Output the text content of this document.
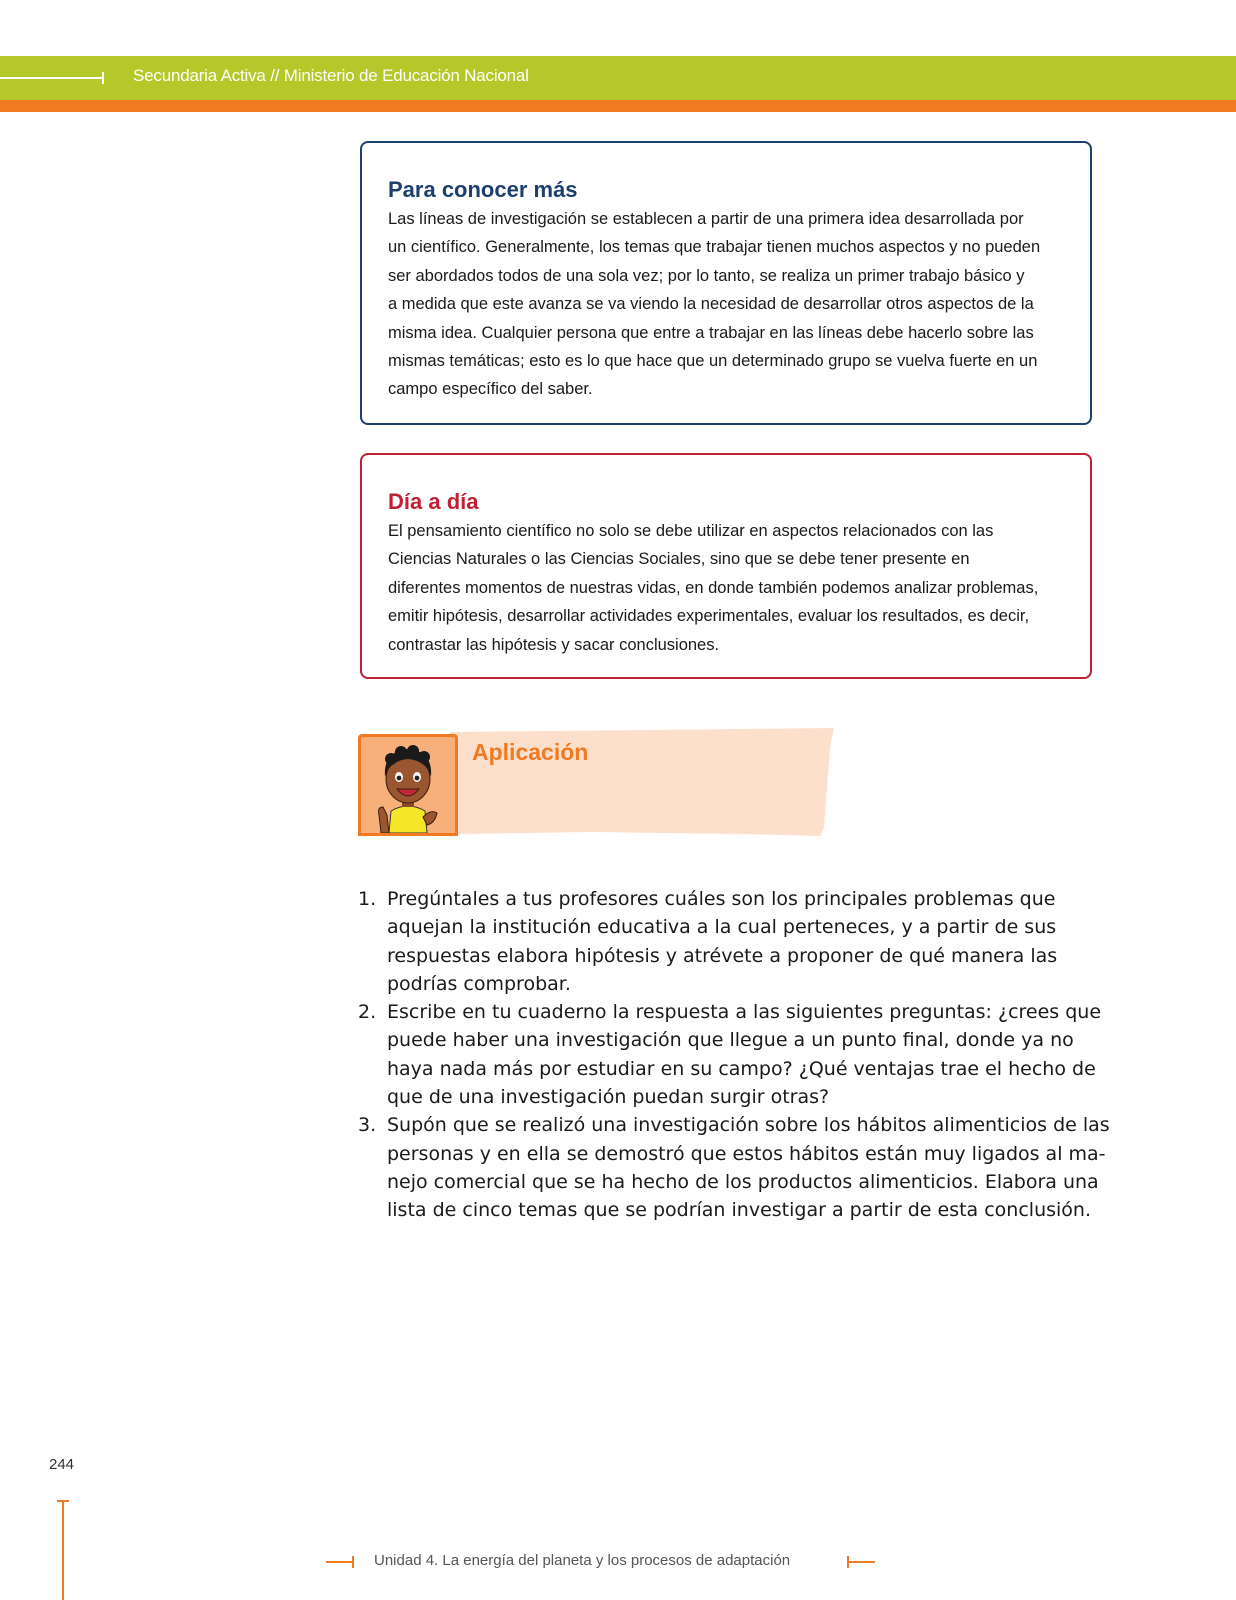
Secundaria Activa // Ministerio de Educación Nacional
Para conocer más
Las líneas de investigación se establecen a partir de una primera idea desarrollada por
un científico. Generalmente, los temas que trabajar tienen muchos aspectos y no pueden
ser abordados todos de una sola vez; por lo tanto, se realiza un primer trabajo básico y
a medida que este avanza se va viendo la necesidad de desarrollar otros aspectos de la
misma idea. Cualquier persona que entre a trabajar en las líneas debe hacerlo sobre las
mismas temáticas; esto es lo que hace que un determinado grupo se vuelva fuerte en un
campo específico del saber.
Día a día
El pensamiento científico no solo se debe utilizar en aspectos relacionados con las
Ciencias Naturales o las Ciencias Sociales, sino que se debe tener presente en
diferentes momentos de nuestras vidas, en donde también podemos analizar problemas,
emitir hipótesis, desarrollar actividades experimentales, evaluar los resultados, es decir,
contrastar las hipótesis y sacar conclusiones.
Aplicación
1. Pregúntales a tus profesores cuáles son los principales problemas que
aquejan la institución educativa a la cual perteneces, y a partir de sus
respuestas elabora hipótesis y atrévete a proponer de qué manera las
podrías comprobar.
2. Escribe en tu cuaderno la respuesta a las siguientes preguntas: ¿crees que
puede haber una investigación que llegue a un punto final, donde ya no
haya nada más por estudiar en su campo? ¿Qué ventajas trae el hecho de
que de una investigación puedan surgir otras?
3. Supón que se realizó una investigación sobre los hábitos alimenticios de las
personas y en ella se demostró que estos hábitos están muy ligados al ma-
nejo comercial que se ha hecho de los productos alimenticios. Elabora una
lista de cinco temas que se podrían investigar a partir de esta conclusión.
244
Unidad 4. La energía del planeta y los procesos de adaptación
